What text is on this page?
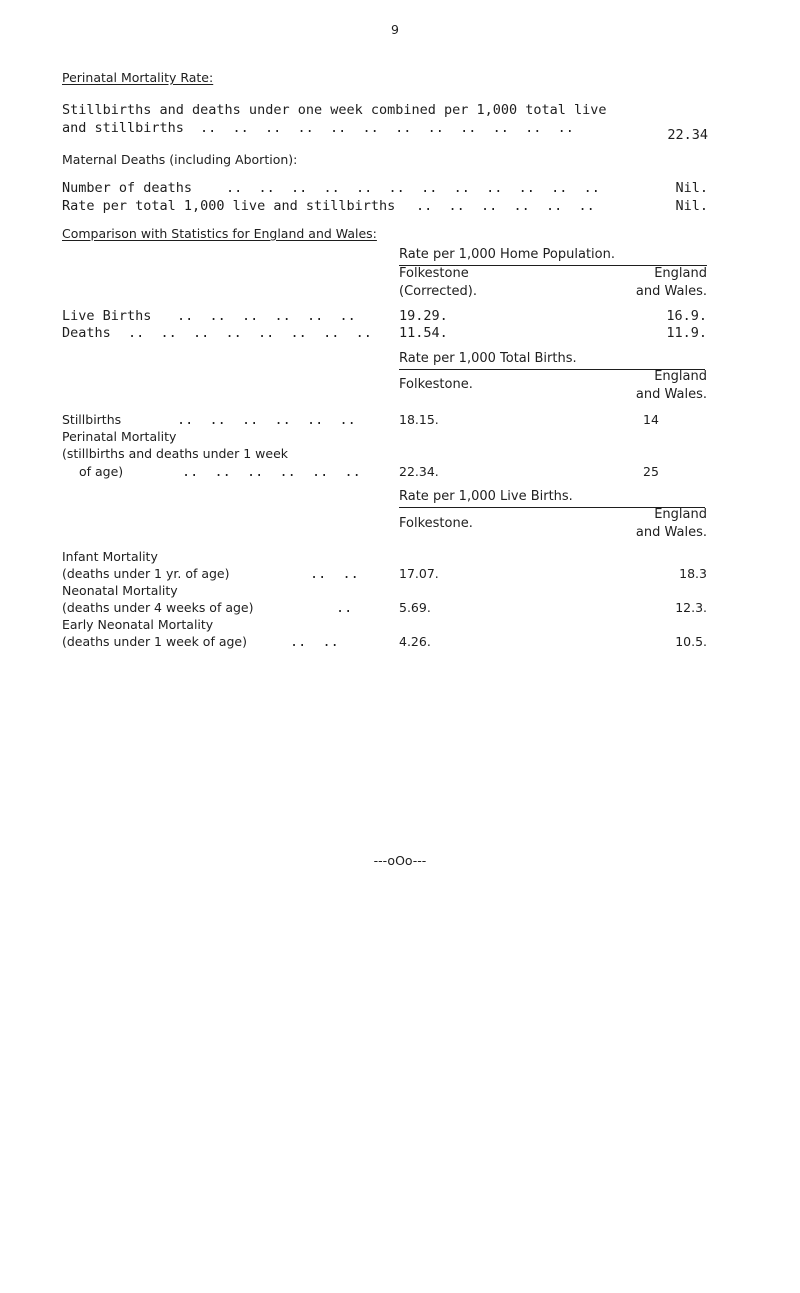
9
Perinatal Mortality Rate:
Stillbirths and deaths under one week combined per 1,000 total live
and stillbirths ..  ..  ..  ..  ..  ..  ..  ..  ..  ..  ..  ..	22.34
Maternal Deaths (including Abortion):
Number of deaths	..  ..  ..  ..  ..  ..  ..  ..  ..  ..  ..  ..	Nil.
Rate per total 1,000 live and stillbirths ..  ..  ..  ..  ..  ..	Nil.
Comparison with Statistics for England and Wales:
Rate per 1,000 Home Population.
Folkestone
(Corrected).
England
and Wales.
Live Births ..  ..  ..  ..  ..  ..	19.29.	16.9.
Deaths ..  ..  ..  ..  ..  ..  ..  .. 11.54.	11.9.
Rate per 1,000 Total Births.
Folkestone.
England
and Wales.
Stillbirths	..  ..  ..  ..  ..  ..	18.15.	14
Perinatal Mortality
(stillbirths and deaths under 1 week
of age)	..  ..  ..  ..  ..  ..	22.34.	25
Rate per 1,000 Live Births.
Folkestone.
England
and Wales.
Infant Mortality
(deaths under 1 yr. of age)	..  ..	17.07.	18.3
Neonatal Mortality
(deaths under 4 weeks of age)	..	5.69.	12.3.
Early Neonatal Mortality
(deaths under 1 week of age)	..  ..	4.26.	10.5.
---oOo---
